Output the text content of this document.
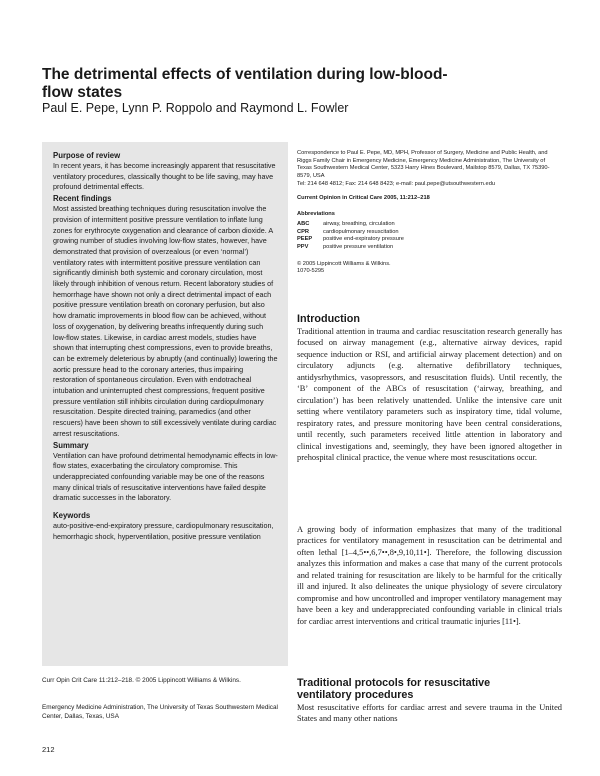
The detrimental effects of ventilation during low-blood-flow states
Paul E. Pepe, Lynn P. Roppolo and Raymond L. Fowler
Purpose of review

In recent years, it has become increasingly apparent that resuscitative ventilatory procedures, classically thought to be life saving, may have profound detrimental effects.

Recent findings

Most assisted breathing techniques during resuscitation involve the provision of intermittent positive pressure ventilation to inflate lung zones for erythrocyte oxygenation and clearance of carbon dioxide. A growing number of studies involving low-flow states, however, have demonstrated that provision of overzealous (or even ‘normal’) ventilatory rates with intermittent positive pressure ventilation can significantly diminish both systemic and coronary circulation, most likely through inhibition of venous return. Recent laboratory studies of hemorrhage have shown not only a direct detrimental impact of each positive pressure ventilation breath on coronary perfusion, but also how dramatic improvements in blood flow can be achieved, without loss of oxygenation, by delivering breaths infrequently during such low-flow states. Likewise, in cardiac arrest models, studies have shown that interrupting chest compressions, even to provide breaths, can be extremely deleterious by abruptly (and continually) lowering the aortic pressure head to the coronary arteries, thus impairing restoration of spontaneous circulation. Even with endotracheal intubation and uninterrupted chest compressions, frequent positive pressure ventilation still inhibits circulation during cardiopulmonary resuscitation. Despite directed training, paramedics (and other rescuers) have been shown to still excessively ventilate during cardiac arrest resuscitations.

Summary

Ventilation can have profound detrimental hemodynamic effects in low-flow states, exacerbating the circulatory compromise. This underappreciated confounding variable may be one of the reasons many clinical trials of resuscitative interventions have failed despite dramatic successes in the laboratory.

Keywords

auto-positive-end-expiratory pressure, cardiopulmonary resuscitation, hemorrhagic shock, hyperventilation, positive pressure ventilation

Curr Opin Crit Care 11:212–218. © 2005 Lippincott Williams & Wilkins.
Emergency Medicine Administration, The University of Texas Southwestern Medical Center, Dallas, Texas, USA
212

Correspondence to Paul E. Pepe, MD, MPH, Professor of Surgery, Medicine and Public Health, and Riggs Family Chair in Emergency Medicine, Emergency Medicine Administration, The University of Texas Southwestern Medical Center, 5323 Harry Hines Boulevard, Mailstop 8579, Dallas, TX 75390-8579, USA

Tel: 214 648 4812; Fax: 214 648 8423; e-mail: paul.pepe@utsouthwestern.edu

Current Opinion in Critical Care 2005, 11:212–218

Abbreviations

ABC	airway, breathing, circulation
CPR	cardiopulmonary resuscitation
PEEP	positive end-expiratory pressure
PPV	positive pressure ventilation

© 2005 Lippincott Williams & Wilkins.

1070-5295

Introduction

Traditional attention in trauma and cardiac resuscitation research generally has focused on airway management (e.g., alternative airway devices, rapid sequence induction or RSI, and artificial airway placement detection) and on circulatory adjuncts (e.g. alternative defibrillatory techniques, antidysrhythmics, vasopressors, and resuscitation fluids). Until recently, the ‘B’ component of the ABCs of resuscitation (‘airway, breathing, and circulation’) has been relatively unattended. Unlike the intensive care unit setting where ventilatory parameters such as inspiratory time, tidal volume, respiratory rates, and pressure monitoring have been central considerations, until recently, such parameters received little attention in laboratory and clinical investigations and, seemingly, they have been ignored altogether in prehospital clinical practice, the venue where most resuscitations occur.

A growing body of information emphasizes that many of the traditional practices for ventilatory management in resuscitation can be detrimental and often lethal [1–4,5••,6,7••,8•,9,10,11•]. Therefore, the following discussion analyzes this information and makes a case that many of the current protocols and related training for resuscitation are likely to be harmful for the critically ill and injured. It also delineates the unique physiology of severe circulatory compromise and how uncontrolled and improper ventilatory management may have been a key and underappreciated confounding variable in clinical trials for cardiac arrest interventions and critical traumatic injuries [11•].

Traditional protocols for resuscitative ventilatory procedures

Most resuscitative efforts for cardiac arrest and severe trauma in the United States and many other nations
